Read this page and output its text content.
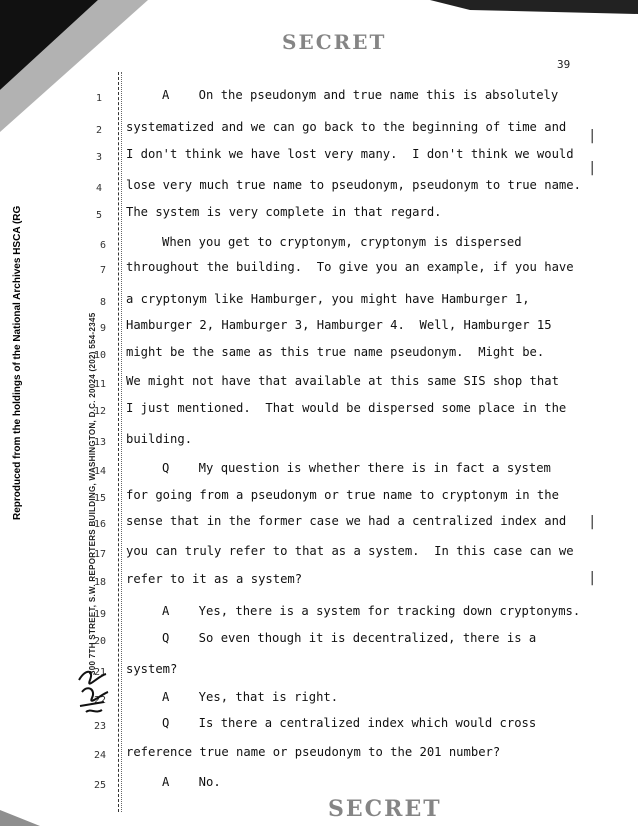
Reproduced from the holdings of the National Archives HSCA (RG	300 7TH STREET, S.W. REPORTERS BUILDING, WASHINGTON, D.C. 20024 (202) 554-2345
SECRET
39
1
2
3
4
5
6
7
8
9
10
11
12
13
14
15
16
17
18
19
20
21
22
23
24
25
A    On the pseudonym and true name this is absolutely
systematized and we can go back to the beginning of time and
I don't think we have lost very many.  I don't think we would
lose very much true name to pseudonym, pseudonym to true name.
The system is very complete in that regard.
When you get to cryptonym, cryptonym is dispersed
throughout the building.  To give you an example, if you have
a cryptonym like Hamburger, you might have Hamburger 1,
Hamburger 2, Hamburger 3, Hamburger 4.  Well, Hamburger 15
might be the same as this true name pseudonym.  Might be.
We might not have that available at this same SIS shop that
I just mentioned.  That would be dispersed some place in the
building.
Q    My question is whether there is in fact a system
for going from a pseudonym or true name to cryptonym in the
sense that in the former case we had a centralized index and
you can truly refer to that as a system.  In this case can we
refer to it as a system?
A    Yes, there is a system for tracking down cryptonyms.
Q    So even though it is decentralized, there is a
system?
A    Yes, that is right.
Q    Is there a centralized index which would cross
reference true name or pseudonym to the 201 number?
A    No.
|
|
|
|
SECRET
